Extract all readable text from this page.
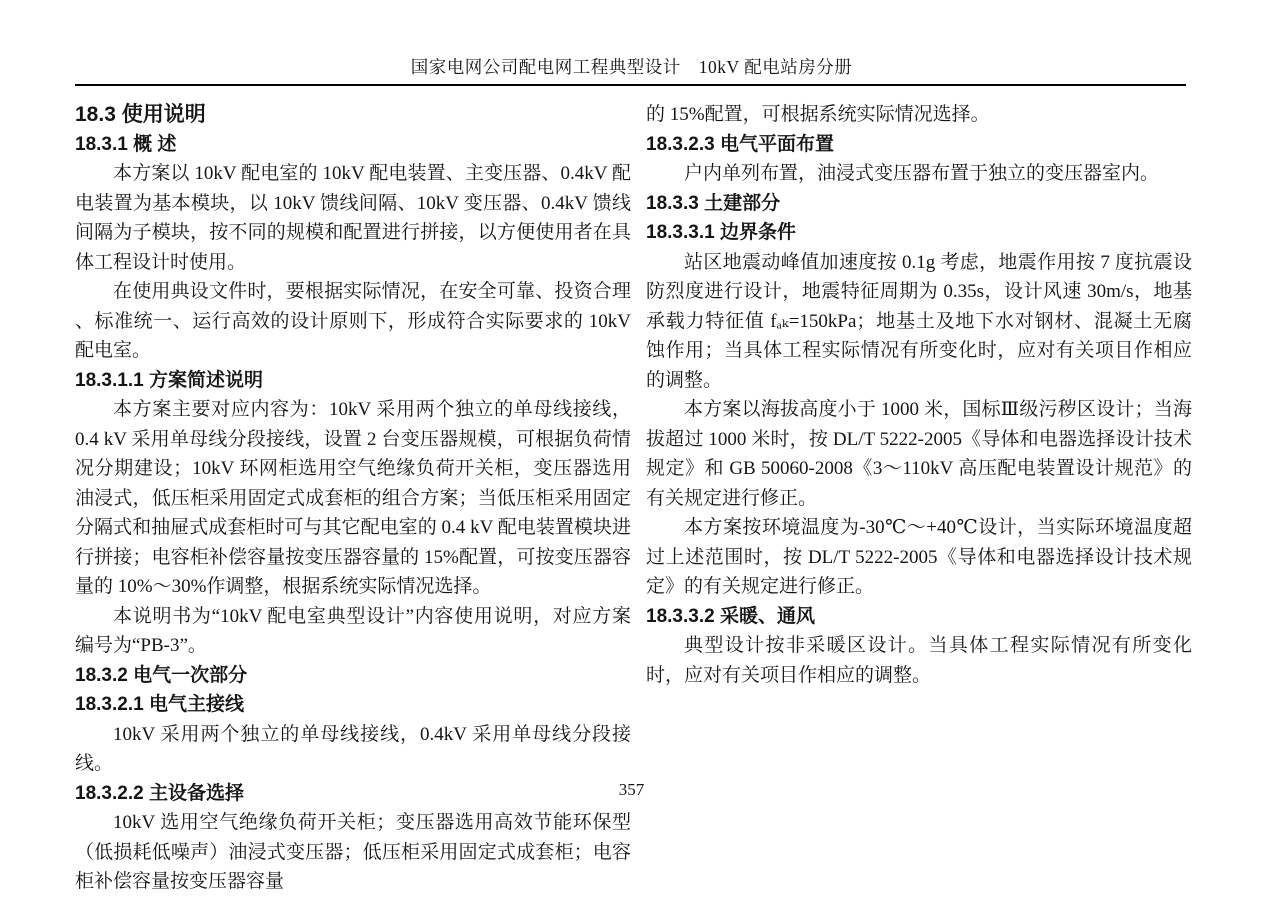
国家电网公司配电网工程典型设计　10kV 配电站房分册
18.3 使用说明
18.3.1 概 述

本方案以 10kV 配电室的 10kV 配电装置、主变压器、0.4kV 配电装置为基本模块，以 10kV 馈线间隔、10kV 变压器、0.4kV 馈线间隔为子模块，按不同的规模和配置进行拼接，以方便使用者在具体工程设计时使用。

在使用典设文件时，要根据实际情况，在安全可靠、投资合理 、标准统一、运行高效的设计原则下，形成符合实际要求的 10kV 配电室。

18.3.1.1 方案简述说明

本方案主要对应内容为：10kV 采用两个独立的单母线接线，0.4 kV 采用单母线分段接线，设置 2 台变压器规模，可根据负荷情况分期建设；10kV 环网柜选用空气绝缘负荷开关柜，变压器选用油浸式，低压柜采用固定式成套柜的组合方案；当低压柜采用固定分隔式和抽屉式成套柜时可与其它配电室的 0.4 kV 配电装置模块进行拼接；电容柜补偿容量按变压器容量的 15%配置，可按变压器容量的 10%～30%作调整，根据系统实际情况选择。

本说明书为“10kV 配电室典型设计”内容使用说明，对应方案编号为“PB-3”。

18.3.2 电气一次部分
18.3.2.1 电气主接线

10kV 采用两个独立的单母线接线，0.4kV 采用单母线分段接线。

18.3.2.2 主设备选择

10kV 选用空气绝缘负荷开关柜；变压器选用高效节能环保型（低损耗低噪声）油浸式变压器；低压柜采用固定式成套柜；电容柜补偿容量按变压器容量

的 15%配置，可根据系统实际情况选择。

18.3.2.3 电气平面布置

户内单列布置，油浸式变压器布置于独立的变压器室内。

18.3.3 土建部分
18.3.3.1 边界条件

站区地震动峰值加速度按 0.1g 考虑，地震作用按 7 度抗震设防烈度进行设计，地震特征周期为 0.35s，设计风速 30m/s，地基承载力特征值 fₐₖ=150kPa；地基土及地下水对钢材、混凝土无腐蚀作用；当具体工程实际情况有所变化时，应对有关项目作相应的调整。

本方案以海拔高度小于 1000 米，国标Ⅲ级污秽区设计；当海拔超过 1000 米时，按 DL/T 5222-2005《导体和电器选择设计技术规定》和 GB 50060-2008《3～110kV 高压配电装置设计规范》的有关规定进行修正。

本方案按环境温度为-30℃～+40℃设计，当实际环境温度超过上述范围时，按 DL/T 5222-2005《导体和电器选择设计技术规定》的有关规定进行修正。

18.3.3.2 采暖、通风

典型设计按非采暖区设计。当具体工程实际情况有所变化时，应对有关项目作相应的调整。

357
